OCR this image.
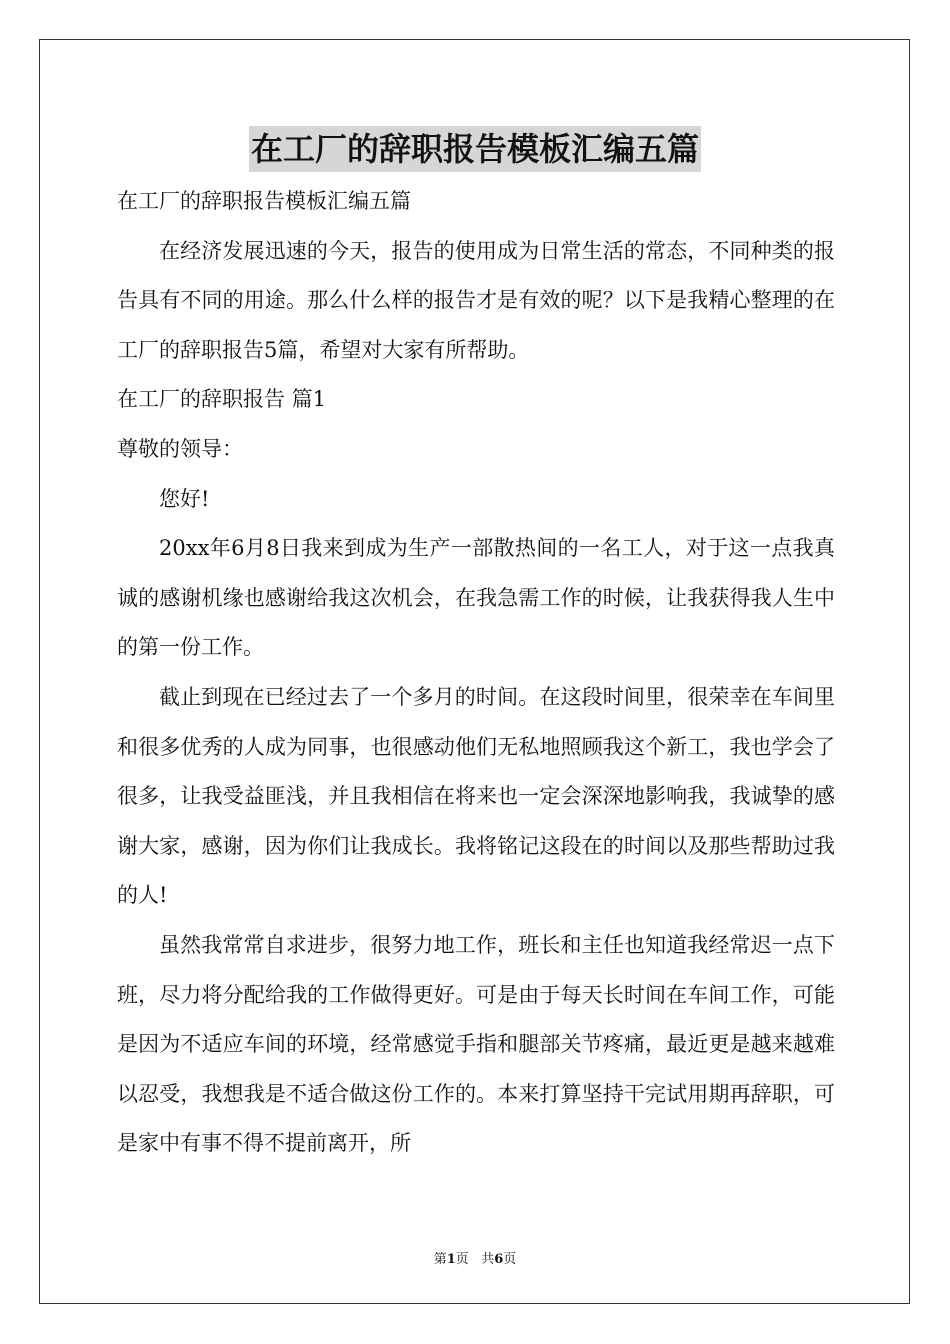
在工厂的辞职报告模板汇编五篇

在工厂的辞职报告模板汇编五篇

在经济发展迅速的今天，报告的使用成为日常生活的常态，不同种类的报告具有不同的用途。那么什么样的报告才是有效的呢？以下是我精心整理的在工厂的辞职报告5篇，希望对大家有所帮助。

在工厂的辞职报告 篇1

尊敬的领导：

您好!

20xx年6月8日我来到成为生产一部散热间的一名工人，对于这一点我真诚的感谢机缘也感谢给我这次机会，在我急需工作的时候，让我获得我人生中的第一份工作。

截止到现在已经过去了一个多月的时间。在这段时间里，很荣幸在车间里和很多优秀的人成为同事，也很感动他们无私地照顾我这个新工，我也学会了很多，让我受益匪浅，并且我相信在将来也一定会深深地影响我，我诚挚的感谢大家，感谢，因为你们让我成长。我将铭记这段在的时间以及那些帮助过我的人!

虽然我常常自求进步，很努力地工作，班长和主任也知道我经常迟一点下班，尽力将分配给我的工作做得更好。可是由于每天长时间在车间工作，可能是因为不适应车间的环境，经常感觉手指和腿部关节疼痛，最近更是越来越难以忍受，我想我是不适合做这份工作的。本来打算坚持干完试用期再辞职，可是家中有事不得不提前离开，所

第1页 共6页
